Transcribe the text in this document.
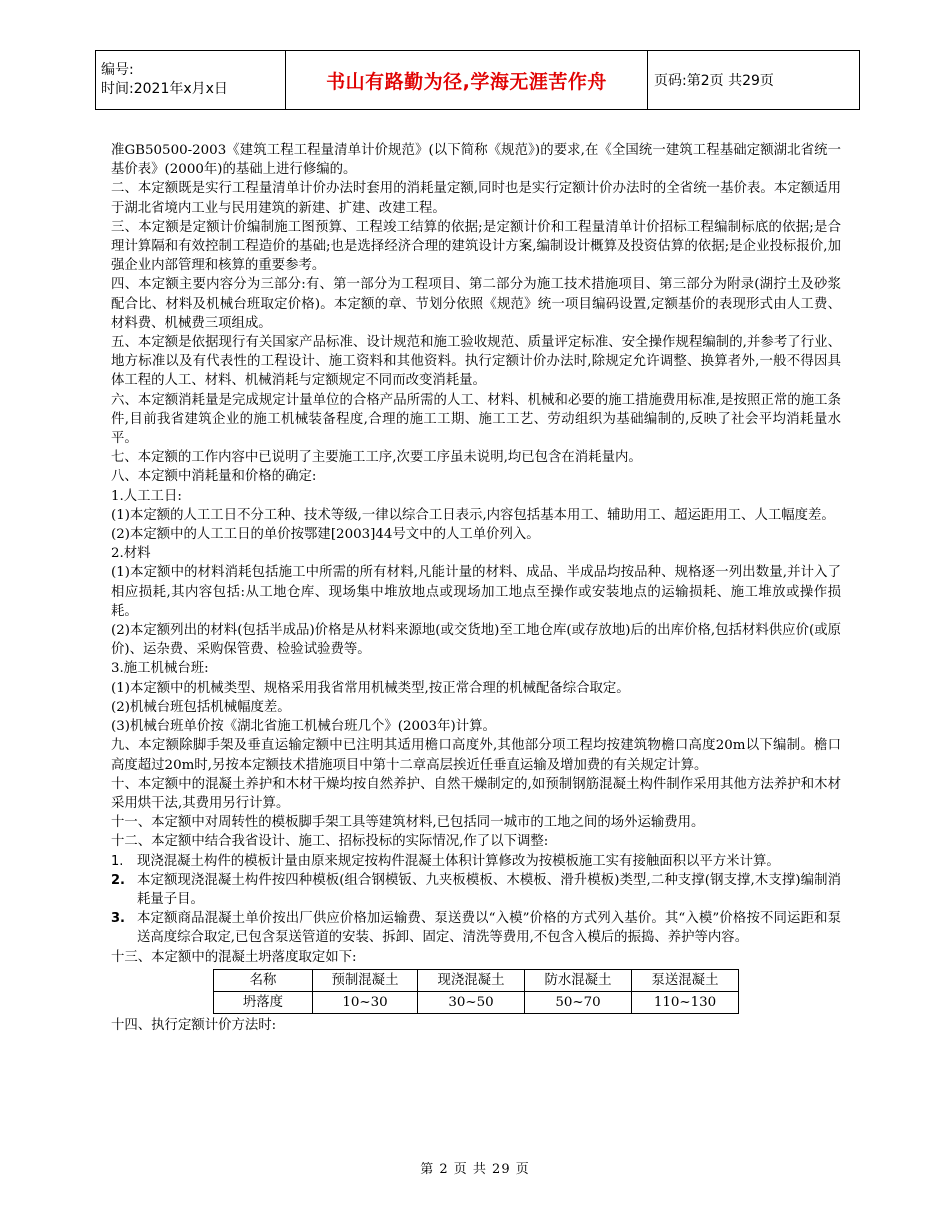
编号:
时间:2021年x月x日	书山有路勤为径,学海无涯苦作舟	页码:第2页 共29页

准GB50500-2003《建筑工程工程量清单计价规范》(以下简称《规范》)的要求,在《全国统一建筑工程基础定额湖北省统一基价表》(2000年)的基础上进行修编的。

二、本定额既是实行工程量清单计价办法时套用的消耗量定额,同时也是实行定额计价办法时的全省统一基价表。本定额适用于湖北省境内工业与民用建筑的新建、扩建、改建工程。

三、本定额是定额计价编制施工图预算、工程竣工结算的依据;是定额计价和工程量清单计价招标工程编制标底的依据;是合理计算隔和有效控制工程造价的基础;也是选择经济合理的建筑设计方案,编制设计概算及投资估算的依据;是企业投标报价,加强企业内部管理和核算的重要参考。

四、本定额主要内容分为三部分:有、第一部分为工程项目、第二部分为施工技术措施项目、第三部分为附录(湖拧土及砂浆配合比、材料及机械台班取定价格)。本定额的章、节划分依照《规范》统一项目编码设置,定额基价的表现形式由人工费、材料费、机械费三项组成。

五、本定额是依据现行有关国家产品标准、设计规范和施工验收规范、质量评定标准、安全操作规程编制的,并参考了行业、地方标准以及有代表性的工程设计、施工资料和其他资料。执行定额计价办法时,除规定允许调整、换算者外,一般不得因具体工程的人工、材料、机械消耗与定额规定不同而改变消耗量。

六、本定额消耗量是完成规定计量单位的合格产品所需的人工、材料、机械和必要的施工措施费用标准,是按照正常的施工条件,目前我省建筑企业的施工机械装备程度,合理的施工工期、施工工艺、劳动组织为基础编制的,反映了社会平均消耗量水平。

七、本定额的工作内容中已说明了主要施工工序,次要工序虽未说明,均已包含在消耗量内。

八、本定额中消耗量和价格的确定:

1.人工工日:

(1)本定额的人工工日不分工种、技术等级,一律以综合工日表示,内容包括基本用工、辅助用工、超运距用工、人工幅度差。

(2)本定额中的人工工日的单价按鄂建[2003]44号文中的人工单价列入。

2.材料

(1)本定额中的材料消耗包括施工中所需的所有材料,凡能计量的材料、成品、半成品均按品种、规格逐一列出数量,并计入了相应损耗,其内容包括:从工地仓库、现场集中堆放地点或现场加工地点至操作或安装地点的运输损耗、施工堆放或操作损耗。

(2)本定额列出的材料(包括半成品)价格是从材料来源地(或交货地)至工地仓库(或存放地)后的出库价格,包括材料供应价(或原价)、运杂费、采购保管费、检验试验费等。

3.施工机械台班:

(1)本定额中的机械类型、规格采用我省常用机械类型,按正常合理的机械配备综合取定。

(2)机械台班包括机械幅度差。

(3)机械台班单价按《湖北省施工机械台班几个》(2003年)计算。

九、本定额除脚手架及垂直运输定额中已注明其适用檐口高度外,其他部分项工程均按建筑物檐口高度20m以下编制。檐口高度超过20m时,另按本定额技术措施项目中第十二章高层挨近任垂直运输及增加费的有关规定计算。

十、本定额中的混凝土养护和木材干燥均按自然养护、自然干燥制定的,如预制钢筋混凝土构件制作采用其他方法养护和木材采用烘干法,其费用另行计算。

十一、本定额中对周转性的模板脚手架工具等建筑材料,已包括同一城市的工地之间的场外运输费用。

十二、本定额中结合我省设计、施工、招标投标的实际情况,作了以下调整:

1.	现浇混凝土构件的模板计量由原来规定按构件混凝土体积计算修改为按模板施工实有接触面积以平方米计算。
2. 本定额现浇混凝土构件按四种模板(组合钢模钣、九夹板模板、木模板、滑升模板)类型,二种支撑(钢支撑,木支撑)编制消耗量子目。
3. 本定额商品混凝土单价按出厂供应价格加运输费、泵送费以“入模”价格的方式列入基价。其“入模”价格按不同运距和泵送高度综合取定,已包含泵送管道的安装、拆卸、固定、清洗等费用,不包含入模后的振捣、养护等内容。

十三、本定额中的混凝土坍落度取定如下:

名称	预制混凝土	现浇混凝土	防水混凝土	泵送混凝土
坍落度	10~30	30~50	50~70	110~130

十四、执行定额计价方法时:

第 2 页 共 29 页
